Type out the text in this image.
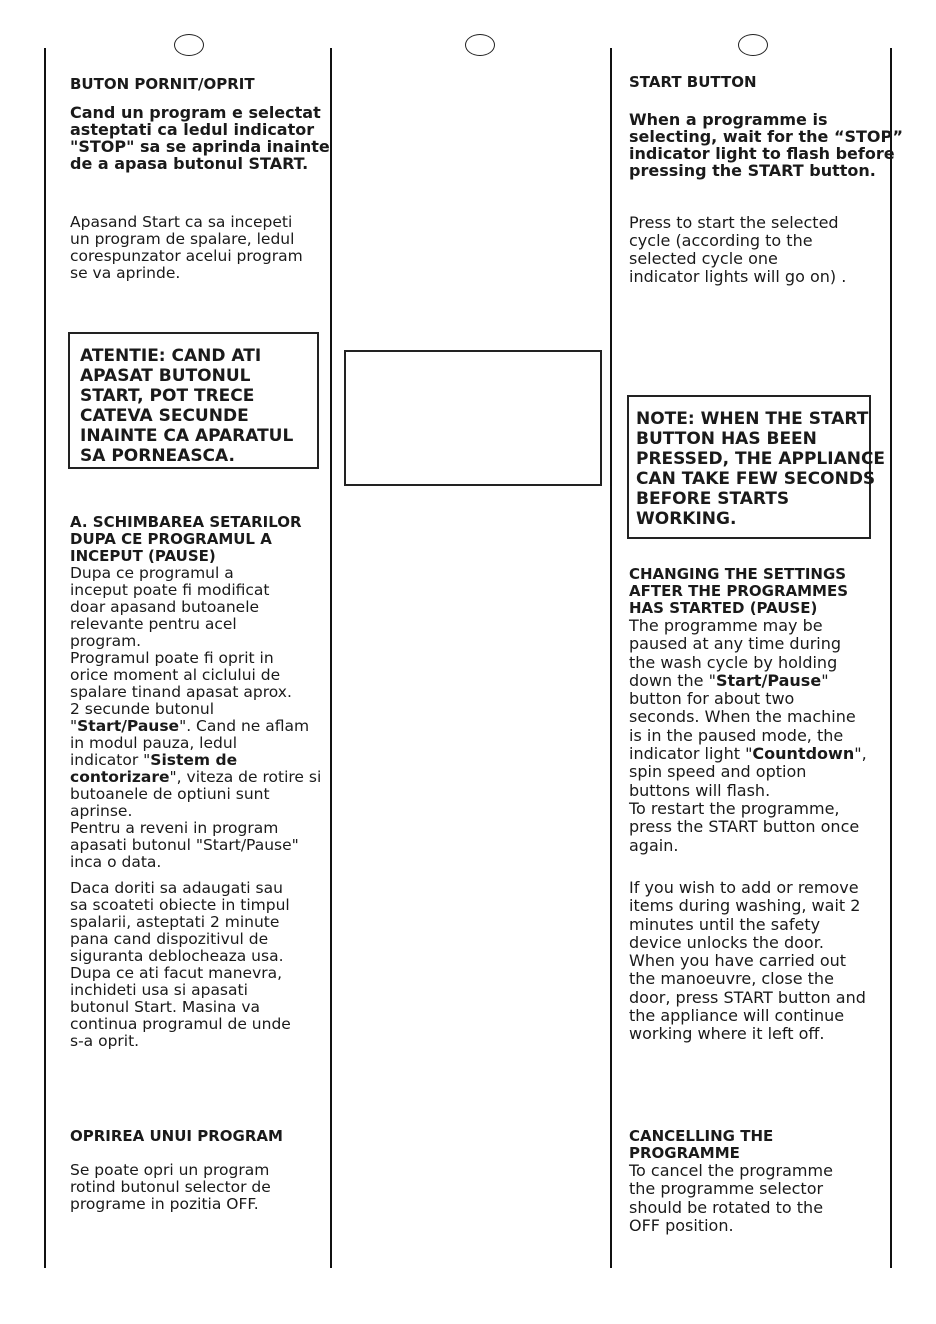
BUTON PORNIT/OPRIT
Cand un program e selectat
asteptati ca ledul indicator
"STOP" sa se aprinda inainte
de a apasa butonul START.
Apasand Start ca sa incepeti
un program de spalare, ledul
corespunzator acelui program
se va aprinde.
ATENTIE: CAND ATI
APASAT BUTONUL
START, POT TRECE
CATEVA SECUNDE
INAINTE CA APARATUL
SA PORNEASCA.
A. SCHIMBAREA SETARILOR
DUPA CE PROGRAMUL A
INCEPUT (PAUSE)
Dupa ce programul a
inceput poate fi modificat
doar apasand butoanele
relevante pentru acel
program.
Programul poate fi oprit in
orice moment al ciclului de
spalare tinand apasat aprox.
2 secunde butonul
"Start/Pause". Cand ne aflam
in modul pauza, ledul
indicator "Sistem de
contorizare", viteza de rotire si
butoanele de optiuni sunt
aprinse.
Pentru a reveni in program
apasati butonul "Start/Pause"
inca o data.
Daca doriti sa adaugati sau
sa scoateti obiecte in timpul
spalarii, asteptati 2 minute
pana cand dispozitivul de
siguranta deblocheaza usa.
Dupa ce ati facut manevra,
inchideti usa si apasati
butonul Start. Masina va
continua programul de unde
s-a oprit.
OPRIREA UNUI PROGRAM
Se poate opri un program
rotind butonul selector de
programe in pozitia OFF.
START BUTTON
When a programme is
selecting, wait for the “STOP”
indicator light to flash before
pressing the START button.
Press to start the selected
cycle (according to the
selected cycle one
indicator lights will go on) .
NOTE: WHEN THE START
BUTTON HAS BEEN
PRESSED, THE APPLIANCE
CAN TAKE FEW SECONDS
BEFORE STARTS
WORKING.
CHANGING THE SETTINGS
AFTER THE PROGRAMMES
HAS STARTED (PAUSE)
The programme may be
paused at any time during
the wash cycle by holding
down the "Start/Pause"
button for about two
seconds. When the machine
is in the paused mode, the
indicator light "Countdown",
spin speed and option
buttons will flash.
To restart the programme,
press the START button once
again.
If you wish to add or remove
items during washing, wait 2
minutes until the safety
device unlocks the door.
When you have carried out
the manoeuvre, close the
door, press START button and
the appliance will continue
working where it left off.
CANCELLING THE
PROGRAMME
To cancel the programme
the programme selector
should be rotated to the
OFF position.
